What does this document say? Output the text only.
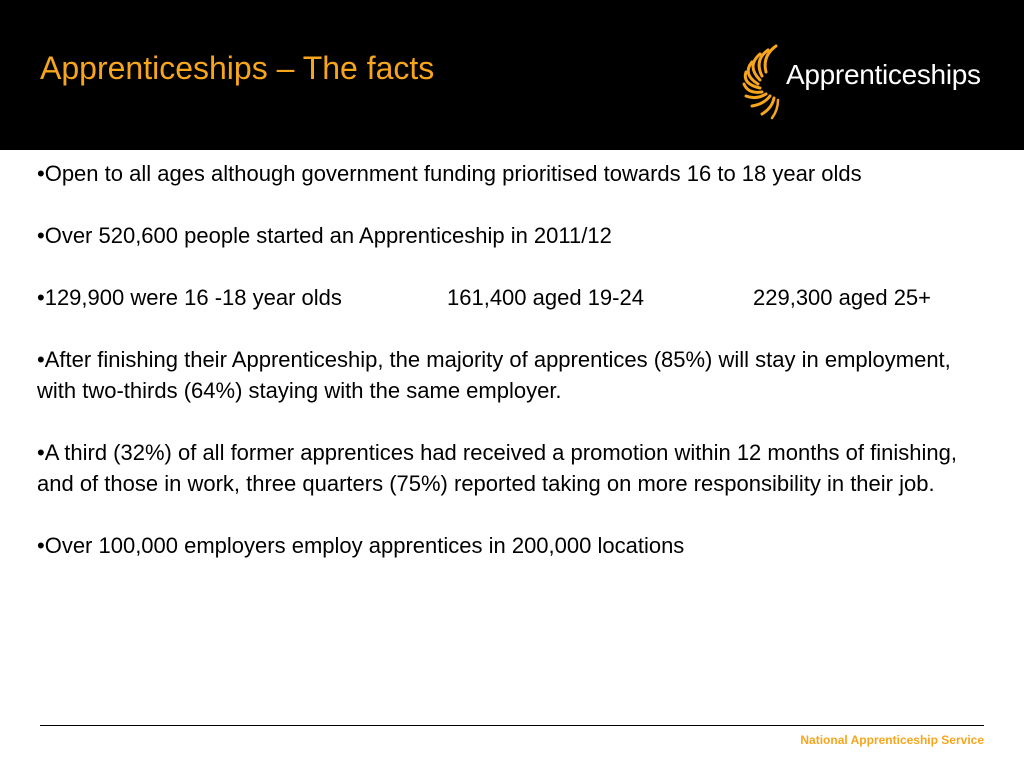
Apprenticeships – The facts	Apprenticeships
•Open to all ages although government funding prioritised towards 16 to 18 year olds
•Over 520,600 people started an Apprenticeship in 2011/12
•129,900 were 16 -18 year olds	161,400 aged 19-24	229,300 aged 25+
•After finishing their Apprenticeship, the majority of apprentices (85%) will stay in employment, with two-thirds (64%) staying with the same employer.
•A third (32%) of all former apprentices had received a promotion within 12 months of finishing, and of those in work, three quarters (75%) reported taking on more responsibility in their job.
•Over 100,000 employers employ apprentices in 200,000 locations
National Apprenticeship Service
